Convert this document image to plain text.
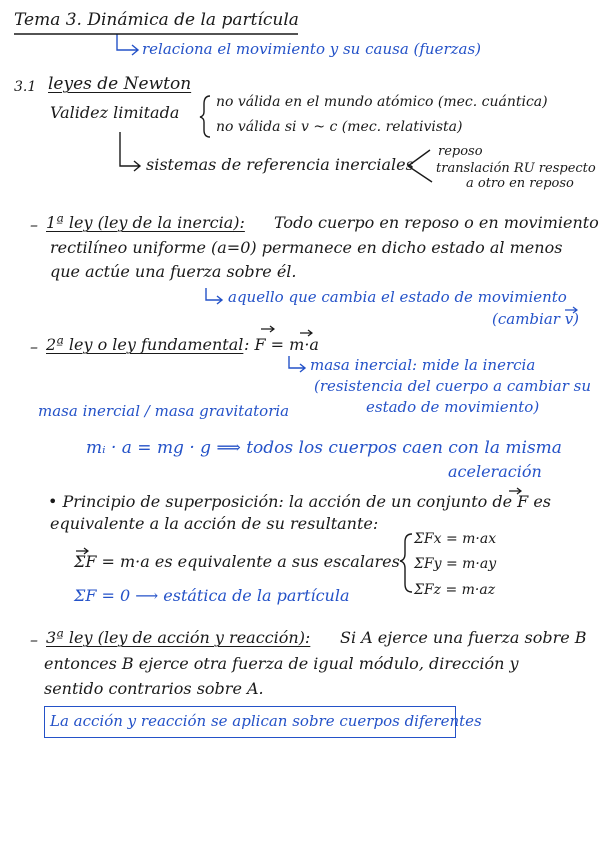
Tema 3. Dinámica de la partícula
relaciona el movimiento y su causa (fuerzas)
3.1 leyes de Newton
Validez limitada
no válida en el mundo atómico (mec. cuántica)
no válida si v ~ c (mec. relativista)
sistemas de referencia inerciales
reposo
translación RU respecto
a otro en reposo
– 1ª ley (ley de la inercia): Todo cuerpo en reposo o en movimiento
rectilíneo uniforme (a=0) permanece en dicho estado al menos
que actúe una fuerza sobre él.
aquello que cambia el estado de movimiento
(cambiar v)
– 2ª ley o ley fundamental : F = m·a
masa inercial: mide la inercia
(resistencia del cuerpo a cambiar su
estado de movimiento)
masa inercial / masa gravitatoria
mᵢ · a = m𝑔 · g ⟹ todos los cuerpos caen con la misma
aceleración
• Principio de superposición: la acción de un conjunto de F es
equivalente a la acción de su resultante:
ΣF = m·a es equivalente a sus escalares
ΣFx = m·ax
ΣFy = m·ay
ΣFz = m·az
ΣF = 0 ⟶ estática de la partícula
– 3ª ley (ley de acción y reacción): Si A ejerce una fuerza sobre B
entonces B ejerce otra fuerza de igual módulo, dirección y
sentido contrarios sobre A.
La acción y reacción se aplican sobre cuerpos diferentes
